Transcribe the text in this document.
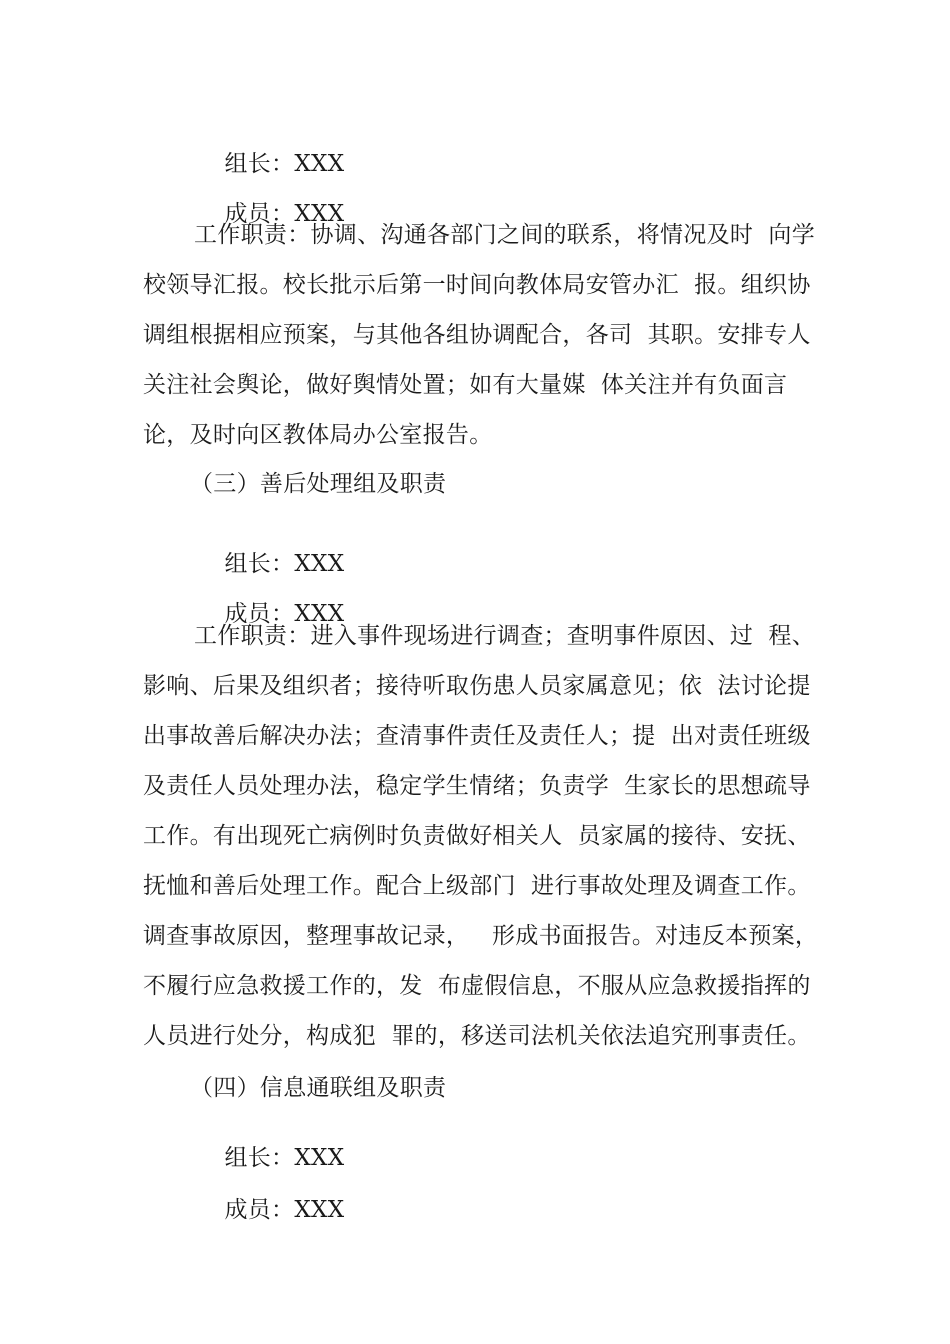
组长：XXX

成员：XXX

工作职责：协调、沟通各部门之间的联系，将情况及时  向学
校领导汇报。校长批示后第一时间向教体局安管办汇  报。组织协
调组根据相应预案，与其他各组协调配合，各司  其职。安排专人
关注社会舆论，做好舆情处置；如有大量媒  体关注并有负面言
论，及时向区教体局办公室报告。
（三）善后处理组及职责

组长：XXX

成员：XXX

工作职责：进入事件现场进行调查；查明事件原因、过  程、
影响、后果及组织者；接待听取伤患人员家属意见；依  法讨论提
出事故善后解决办法；查清事件责任及责任人；提  出对责任班级
及责任人员处理办法，稳定学生情绪；负责学  生家长的思想疏导
工作。有出现死亡病例时负责做好相关人  员家属的接待、安抚、
抚恤和善后处理工作。配合上级部门  进行事故处理及调查工作。
调查事故原因，整理事故记录，   形成书面报告。对违反本预案，
不履行应急救援工作的，发  布虚假信息，不服从应急救援指挥的
人员进行处分，构成犯  罪的，移送司法机关依法追究刑事责任。
（四）信息通联组及职责

组长：XXX

成员：XXX
